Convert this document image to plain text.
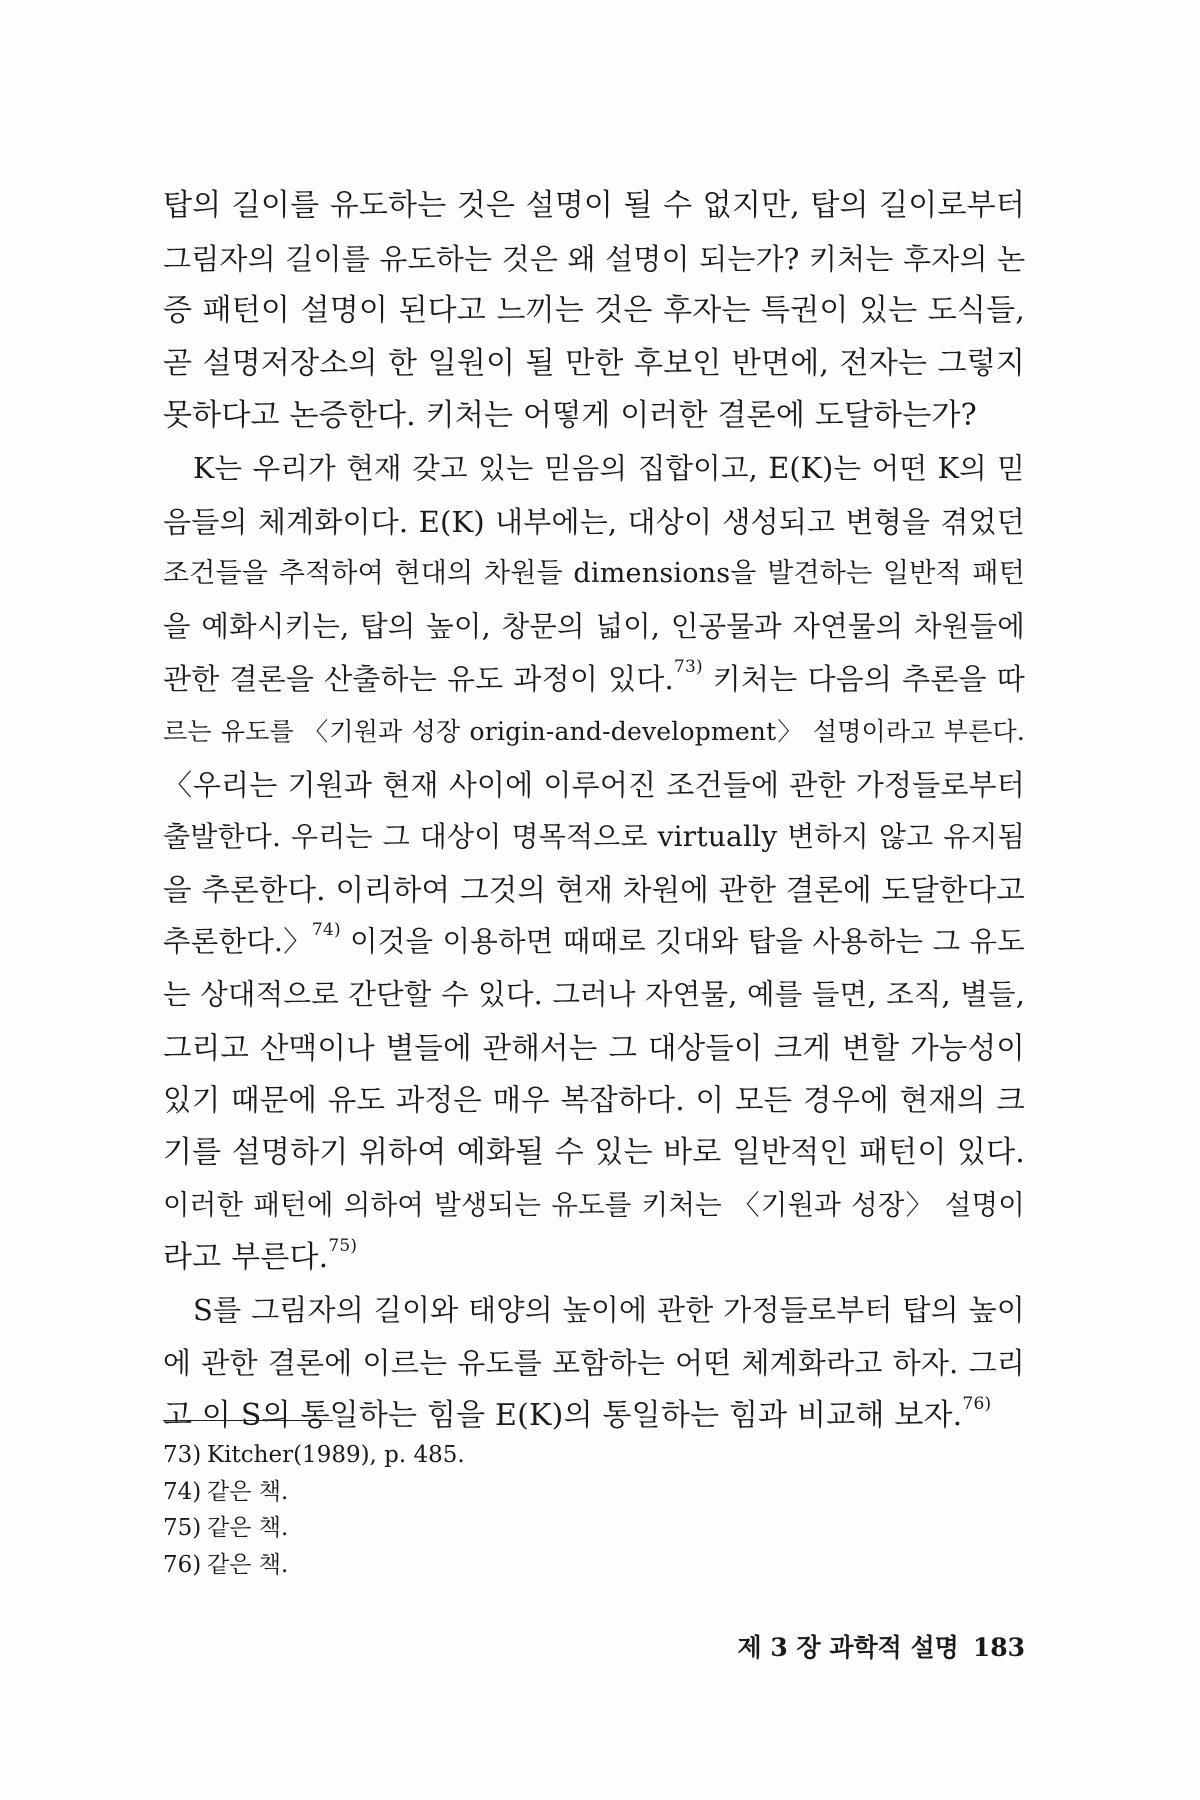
탑의 길이를 유도하는 것은 설명이 될 수 없지만, 탑의 길이로부터
그림자의 길이를 유도하는 것은 왜 설명이 되는가? 키처는 후자의 논
증 패턴이 설명이 된다고 느끼는 것은 후자는 특권이 있는 도식들,
곧 설명저장소의 한 일원이 될 만한 후보인 반면에, 전자는 그렇지
못하다고 논증한다. 키처는 어떻게 이러한 결론에 도달하는가?

K는 우리가 현재 갖고 있는 믿음의 집합이고, E(K)는 어떤 K의 믿
음들의 체계화이다. E(K) 내부에는, 대상이 생성되고 변형을 겪었던
조건들을 추적하여 현대의 차원들 dimensions을 발견하는 일반적 패턴
을 예화시키는, 탑의 높이, 창문의 넓이, 인공물과 자연물의 차원들에
관한 결론을 산출하는 유도 과정이 있다.$^{73)}$ 키처는 다음의 추론을 따
르는 유도를 〈기원과 성장 origin-and-development〉 설명이라고 부른다.
〈우리는 기원과 현재 사이에 이루어진 조건들에 관한 가정들로부터
출발한다. 우리는 그 대상이 명목적으로 virtually 변하지 않고 유지됨
을 추론한다. 이리하여 그것의 현재 차원에 관한 결론에 도달한다고
추론한다.〉$^{74)}$ 이것을 이용하면 때때로 깃대와 탑을 사용하는 그 유도
는 상대적으로 간단할 수 있다. 그러나 자연물, 예를 들면, 조직, 별들,
그리고 산맥이나 별들에 관해서는 그 대상들이 크게 변할 가능성이
있기 때문에 유도 과정은 매우 복잡하다. 이 모든 경우에 현재의 크
기를 설명하기 위하여 예화될 수 있는 바로 일반적인 패턴이 있다.
이러한 패턴에 의하여 발생되는 유도를 키처는 〈기원과 성장〉 설명이
라고 부른다.$^{75)}$

S를 그림자의 길이와 태양의 높이에 관한 가정들로부터 탑의 높이
에 관한 결론에 이르는 유도를 포함하는 어떤 체계화라고 하자. 그리
고 이 S의 통일하는 힘을 E(K)의 통일하는 힘과 비교해 보자.$^{76)}$

73) Kitcher(1989), p. 485.
74) 같은 책.
75) 같은 책.
76) 같은 책.
제 3 장 과학적 설명 183
